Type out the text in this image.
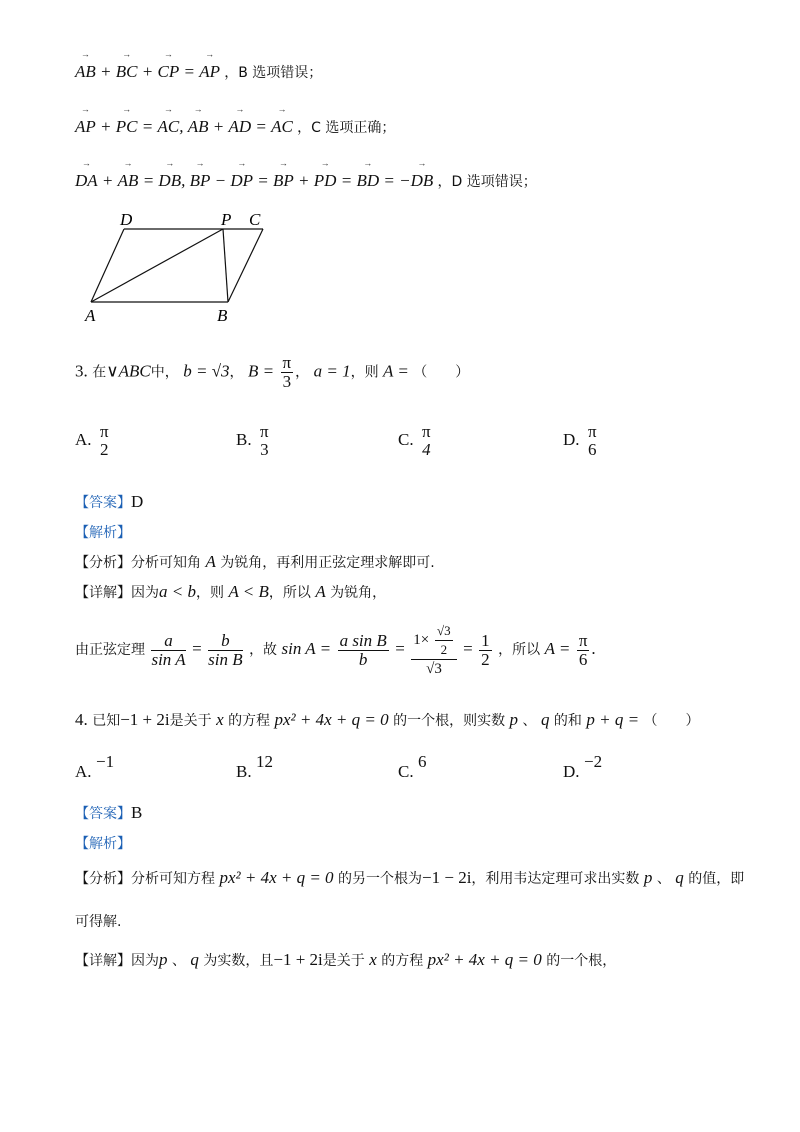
→ AB + → BC + → CP = → AP ，B 选项错误；
→ AP + → PC = → AC, → AB + → AD = → AC ，C 选项正确；
→ DA + → AB = → DB, → BP − → DP = → BP + → PD = → BD = −→ DB ，D 选项错误；
D	P C
A	B
3. 在∨ABC中， b = √3， $B = \frac{\pi}{3}$ ， a = 1，则 A = （　　）
A. π
2
B. π
3
C. π
4
D. π
6
【答案】D
【解析】
【分析】分析可知角 A 为锐角，再利用正弦定理求解即可.
【详解】因为a < b，则 A < B，所以 A 为锐角，
由正弦定理 $\frac{a}{\text{sin A}} = \frac{b}{\text{sin B}}$ ，故 $\sin A = \frac{\text{a sin B}}{b} = \frac{1\times \frac{√3}{2}}{√3} = \frac{1}{2}$ ，所以 $A = \frac{\pi}{6}$ .
4. 已知−1 + 2i是关于 x 的方程 px² + 4x + q = 0 的一个根，则实数 p 、 q 的和 p + q = （　　）
A. −1
B. 12
C. 6
D. −2
【答案】B
【解析】
【分析】分析可知方程 px² + 4x + q = 0 的另一个根为−1 − 2i，利用韦达定理可求出实数 p 、 q 的值，即
可得解.
【详解】因为p 、 q 为实数，且−1 + 2i是关于 x 的方程 px² + 4x + q = 0 的一个根，
